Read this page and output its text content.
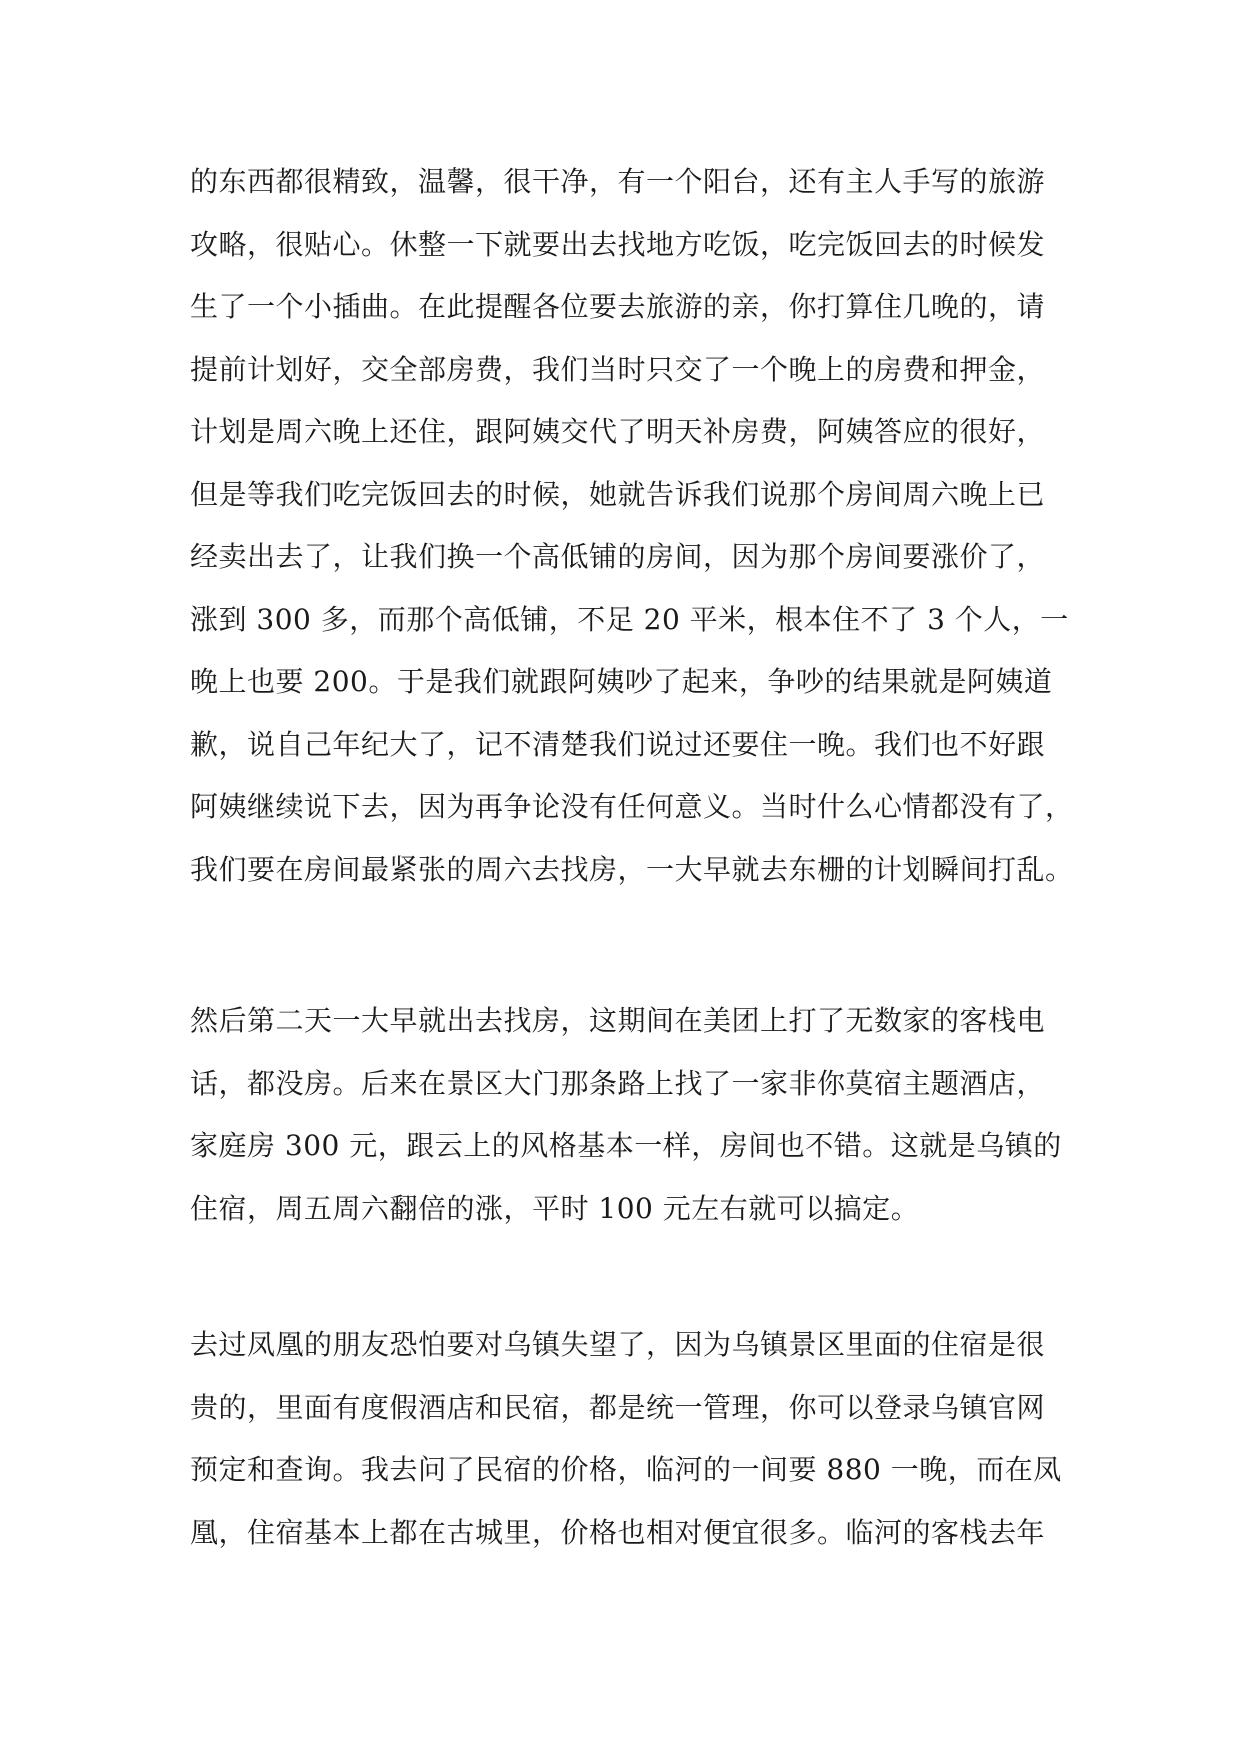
的东西都很精致，温馨，很干净，有一个阳台，还有主人手写的旅游
攻略，很贴心。休整一下就要出去找地方吃饭，吃完饭回去的时候发
生了一个小插曲。在此提醒各位要去旅游的亲，你打算住几晚的，请
提前计划好，交全部房费，我们当时只交了一个晚上的房费和押金，
计划是周六晚上还住，跟阿姨交代了明天补房费，阿姨答应的很好，
但是等我们吃完饭回去的时候，她就告诉我们说那个房间周六晚上已
经卖出去了，让我们换一个高低铺的房间，因为那个房间要涨价了，
涨到 300 多，而那个高低铺，不足 20 平米，根本住不了 3 个人，一
晚上也要 200。于是我们就跟阿姨吵了起来，争吵的结果就是阿姨道
歉，说自己年纪大了，记不清楚我们说过还要住一晚。我们也不好跟
阿姨继续说下去，因为再争论没有任何意义。当时什么心情都没有了，
我们要在房间最紧张的周六去找房，一大早就去东栅的计划瞬间打乱。
然后第二天一大早就出去找房，这期间在美团上打了无数家的客栈电
话，都没房。后来在景区大门那条路上找了一家非你莫宿主题酒店，
家庭房 300 元，跟云上的风格基本一样，房间也不错。这就是乌镇的
住宿，周五周六翻倍的涨，平时 100 元左右就可以搞定。
去过凤凰的朋友恐怕要对乌镇失望了，因为乌镇景区里面的住宿是很
贵的，里面有度假酒店和民宿，都是统一管理，你可以登录乌镇官网
预定和查询。我去问了民宿的价格，临河的一间要 880 一晚，而在凤
凰，住宿基本上都在古城里，价格也相对便宜很多。临河的客栈去年
